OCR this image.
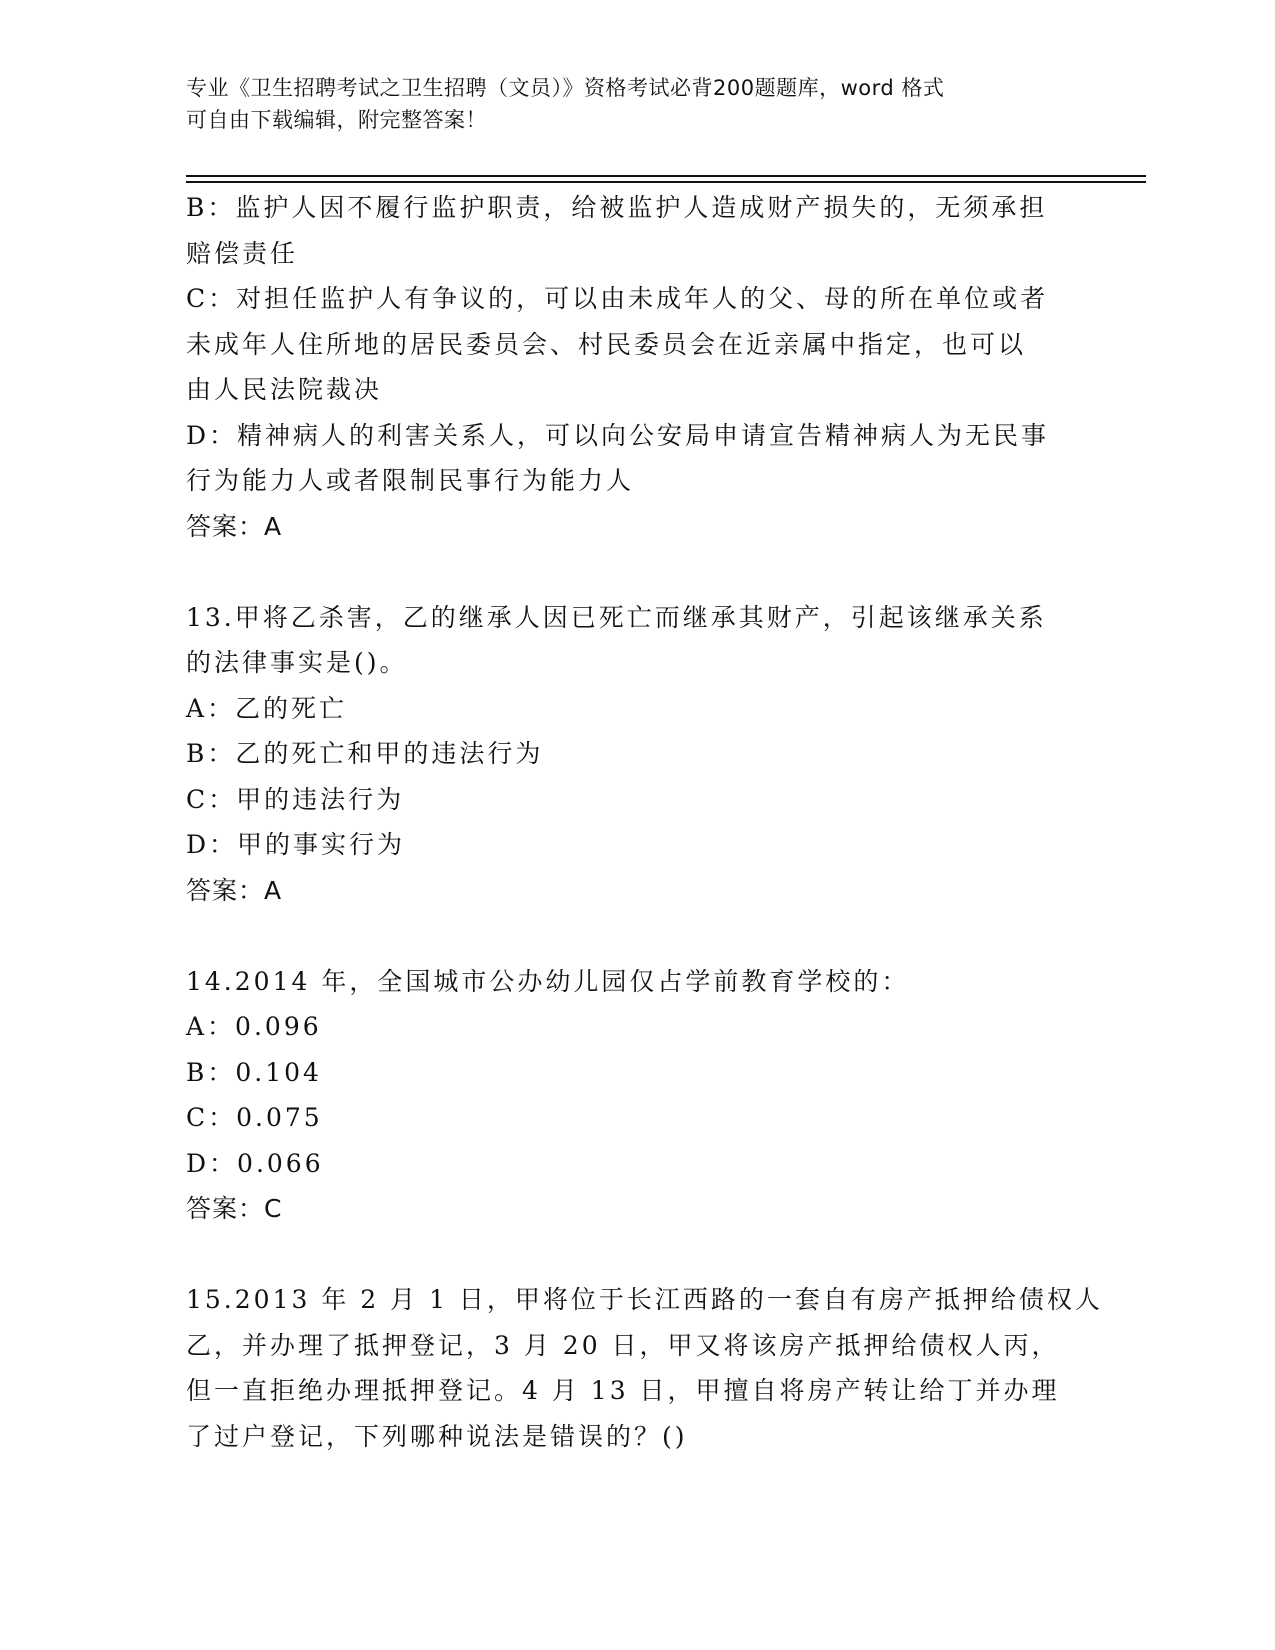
专业《卫生招聘考试之卫生招聘（文员）》资格考试必背200题题库，word 格式
可自由下载编辑，附完整答案！
B：监护人因不履行监护职责，给被监护人造成财产损失的，无须承担
赔偿责任
C：对担任监护人有争议的，可以由未成年人的父、母的所在单位或者
未成年人住所地的居民委员会、村民委员会在近亲属中指定，也可以
由人民法院裁决
D：精神病人的利害关系人，可以向公安局申请宣告精神病人为无民事
行为能力人或者限制民事行为能力人
答案：A
13.甲将乙杀害，乙的继承人因已死亡而继承其财产，引起该继承关系
的法律事实是()。
A：乙的死亡
B：乙的死亡和甲的违法行为
C：甲的违法行为
D：甲的事实行为
答案：A
14.2014 年，全国城市公办幼儿园仅占学前教育学校的：
A：0.096
B：0.104
C：0.075
D：0.066
答案：C
15.2013 年 2 月 1 日，甲将位于长江西路的一套自有房产抵押给债权人
乙，并办理了抵押登记，3 月 20 日，甲又将该房产抵押给债权人丙，
但一直拒绝办理抵押登记。4 月 13 日，甲擅自将房产转让给丁并办理
了过户登记，下列哪种说法是错误的？()
